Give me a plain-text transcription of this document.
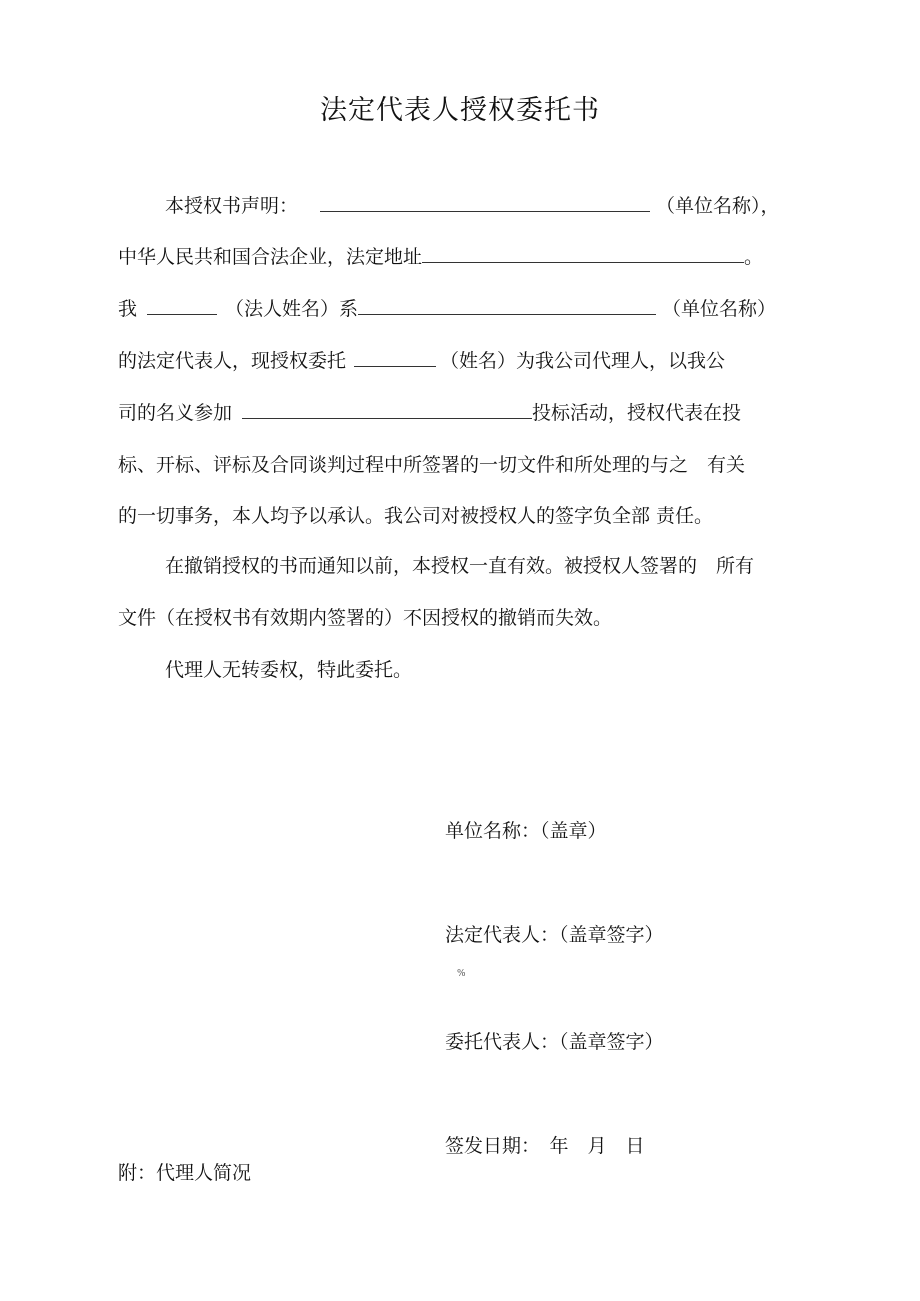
法定代表人授权委托书
本授权书声明：	（单位名称），
中华人民共和国合法企业，法定地址	。
我	（法人姓名）系	（单位名称）
的法定代表人，现授权委托	（姓名）为我公司代理人，以我公
司的名义参加	投标活动，授权代表在投
标、开标、评标及合同谈判过程中所签署的一切文件和所处理的与之　有关
的一切事务，本人均予以承认。我公司对被授权人的签字负全部 责任。
在撤销授权的书而通知以前，本授权一直有效。被授权人签署的　所有
文件（在授权书有效期内签署的）不因授权的撤销而失效。
代理人无转委权，特此委托。
单位名称：（盖章）
法定代表人：（盖章签字）
%
委托代表人：（盖章签字）
签发日期：　年　月　日
附：代理人简况
